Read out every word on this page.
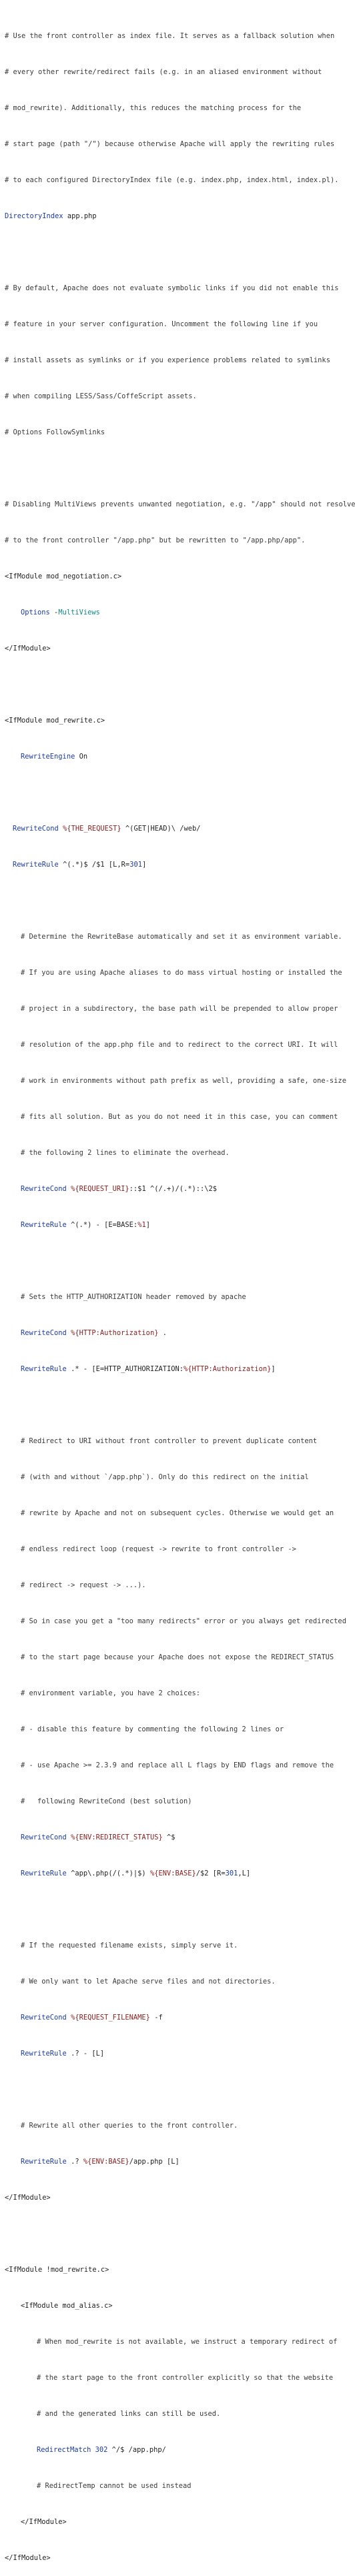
# Use the front controller as index file. It serves as a fallback solution when

# every other rewrite/redirect fails (e.g. in an aliased environment without

# mod_rewrite). Additionally, this reduces the matching process for the

# start page (path "/") because otherwise Apache will apply the rewriting rules

# to each configured DirectoryIndex file (e.g. index.php, index.html, index.pl).

DirectoryIndex app.php

# By default, Apache does not evaluate symbolic links if you did not enable this

# feature in your server configuration. Uncomment the following line if you

# install assets as symlinks or if you experience problems related to symlinks

# when compiling LESS/Sass/CoffeScript assets.

# Options FollowSymlinks

# Disabling MultiViews prevents unwanted negotiation, e.g. "/app" should not resolve

# to the front controller "/app.php" but be rewritten to "/app.php/app".

<IfModule mod_negotiation.c>

Options -MultiViews

</IfModule>

<IfModule mod_rewrite.c>

RewriteEngine On

RewriteCond %{THE_REQUEST} ^(GET|HEAD)\ /web/

RewriteRule ^(.*)$ /$1 [L,R=301]

# Determine the RewriteBase automatically and set it as environment variable.

# If you are using Apache aliases to do mass virtual hosting or installed the

# project in a subdirectory, the base path will be prepended to allow proper

# resolution of the app.php file and to redirect to the correct URI. It will

# work in environments without path prefix as well, providing a safe, one-size

# fits all solution. But as you do not need it in this case, you can comment

# the following 2 lines to eliminate the overhead.

RewriteCond %{REQUEST_URI}::$1 ^(/.+)/(.*)::\2$

RewriteRule ^(.*) - [E=BASE:%1]

# Sets the HTTP_AUTHORIZATION header removed by apache

RewriteCond %{HTTP:Authorization} .

RewriteRule .* - [E=HTTP_AUTHORIZATION:%{HTTP:Authorization}]

# Redirect to URI without front controller to prevent duplicate content

# (with and without `/app.php`). Only do this redirect on the initial

# rewrite by Apache and not on subsequent cycles. Otherwise we would get an

# endless redirect loop (request -> rewrite to front controller ->

# redirect -> request -> ...).

# So in case you get a "too many redirects" error or you always get redirected

# to the start page because your Apache does not expose the REDIRECT_STATUS

# environment variable, you have 2 choices:

# - disable this feature by commenting the following 2 lines or

# - use Apache >= 2.3.9 and replace all L flags by END flags and remove the

#   following RewriteCond (best solution)

RewriteCond %{ENV:REDIRECT_STATUS} ^$

RewriteRule ^app\.php(/(.*)|$) %{ENV:BASE}/$2 [R=301,L]

# If the requested filename exists, simply serve it.

# We only want to let Apache serve files and not directories.

RewriteCond %{REQUEST_FILENAME} -f

RewriteRule .? - [L]

# Rewrite all other queries to the front controller.

RewriteRule .? %{ENV:BASE}/app.php [L]

</IfModule>

<IfModule !mod_rewrite.c>

<IfModule mod_alias.c>

# When mod_rewrite is not available, we instruct a temporary redirect of

# the start page to the front controller explicitly so that the website

# and the generated links can still be used.

RedirectMatch 302 ^/$ /app.php/

# RedirectTemp cannot be used instead

</IfModule>

</IfModule>
